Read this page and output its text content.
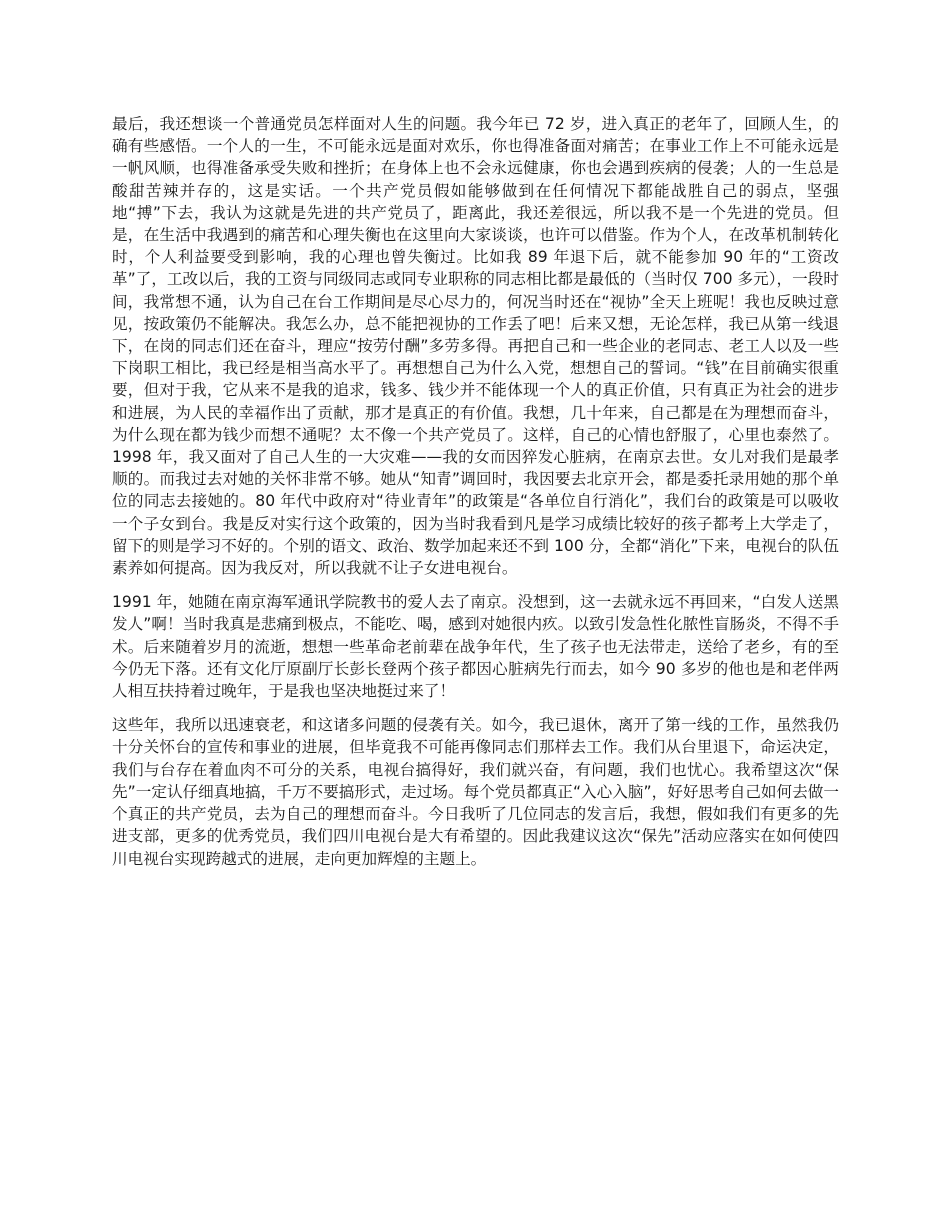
最后，我还想谈一个普通党员怎样面对人生的问题。我今年已 72 岁，进入真正的老年了，回顾人生，的确有些感悟。一个人的一生，不可能永远是面对欢乐，你也得准备面对痛苦；在事业工作上不可能永远是一帆风顺，也得准备承受失败和挫折；在身体上也不会永远健康，你也会遇到疾病的侵袭；人的一生总是酸甜苦辣并存的，这是实话。一个共产党员假如能够做到在任何情况下都能战胜自己的弱点，坚强地“搏”下去，我认为这就是先进的共产党员了，距离此，我还差很远，所以我不是一个先进的党员。但是，在生活中我遇到的痛苦和心理失衡也在这里向大家谈谈，也许可以借鉴。作为个人，在改革机制转化时，个人利益要受到影响，我的心理也曾失衡过。比如我 89 年退下后，就不能参加 90 年的“工资改革”了，工改以后，我的工资与同级同志或同专业职称的同志相比都是最低的（当时仅 700 多元），一段时间，我常想不通，认为自己在台工作期间是尽心尽力的，何况当时还在“视协”全天上班呢！我也反映过意见，按政策仍不能解决。我怎么办，总不能把视协的工作丢了吧！后来又想，无论怎样，我已从第一线退下，在岗的同志们还在奋斗，理应“按劳付酬”多劳多得。再把自己和一些企业的老同志、老工人以及一些下岗职工相比，我已经是相当高水平了。再想想自己为什么入党，想想自己的誓词。“钱”在目前确实很重要，但对于我，它从来不是我的追求，钱多、钱少并不能体现一个人的真正价值，只有真正为社会的进步和进展，为人民的幸福作出了贡献，那才是真正的有价值。我想，几十年来，自己都是在为理想而奋斗，为什么现在都为钱少而想不通呢？太不像一个共产党员了。这样，自己的心情也舒服了，心里也泰然了。1998 年，我又面对了自己人生的一大灾难——我的女而因猝发心脏病，在南京去世。女儿对我们是最孝顺的。而我过去对她的关怀非常不够。她从“知青”调回时，我因要去北京开会，都是委托录用她的那个单位的同志去接她的。80 年代中政府对“待业青年”的政策是“各单位自行消化”，我们台的政策是可以吸收一个子女到台。我是反对实行这个政策的，因为当时我看到凡是学习成绩比较好的孩子都考上大学走了，留下的则是学习不好的。个别的语文、政治、数学加起来还不到 100 分，全都“消化”下来，电视台的队伍素养如何提高。因为我反对，所以我就不让子女进电视台。

1991 年，她随在南京海军通讯学院教书的爱人去了南京。没想到，这一去就永远不再回来，“白发人送黑发人”啊！当时我真是悲痛到极点，不能吃、喝，感到对她很内疚。以致引发急性化脓性盲肠炎，不得不手术。后来随着岁月的流逝，想想一些革命老前辈在战争年代，生了孩子也无法带走，送给了老乡，有的至今仍无下落。还有文化厅原副厅长彭长登两个孩子都因心脏病先行而去，如今 90 多岁的他也是和老伴两人相互扶持着过晚年，于是我也坚决地挺过来了！

这些年，我所以迅速衰老，和这诸多问题的侵袭有关。如今，我已退休，离开了第一线的工作，虽然我仍十分关怀台的宣传和事业的进展，但毕竟我不可能再像同志们那样去工作。我们从台里退下，命运决定，我们与台存在着血肉不可分的关系，电视台搞得好，我们就兴奋，有问题，我们也忧心。我希望这次“保先”一定认仔细真地搞，千万不要搞形式，走过场。每个党员都真正“入心入脑”，好好思考自己如何去做一个真正的共产党员，去为自己的理想而奋斗。今日我听了几位同志的发言后，我想，假如我们有更多的先进支部，更多的优秀党员，我们四川电视台是大有希望的。因此我建议这次“保先”活动应落实在如何使四川电视台实现跨越式的进展，走向更加辉煌的主题上。
